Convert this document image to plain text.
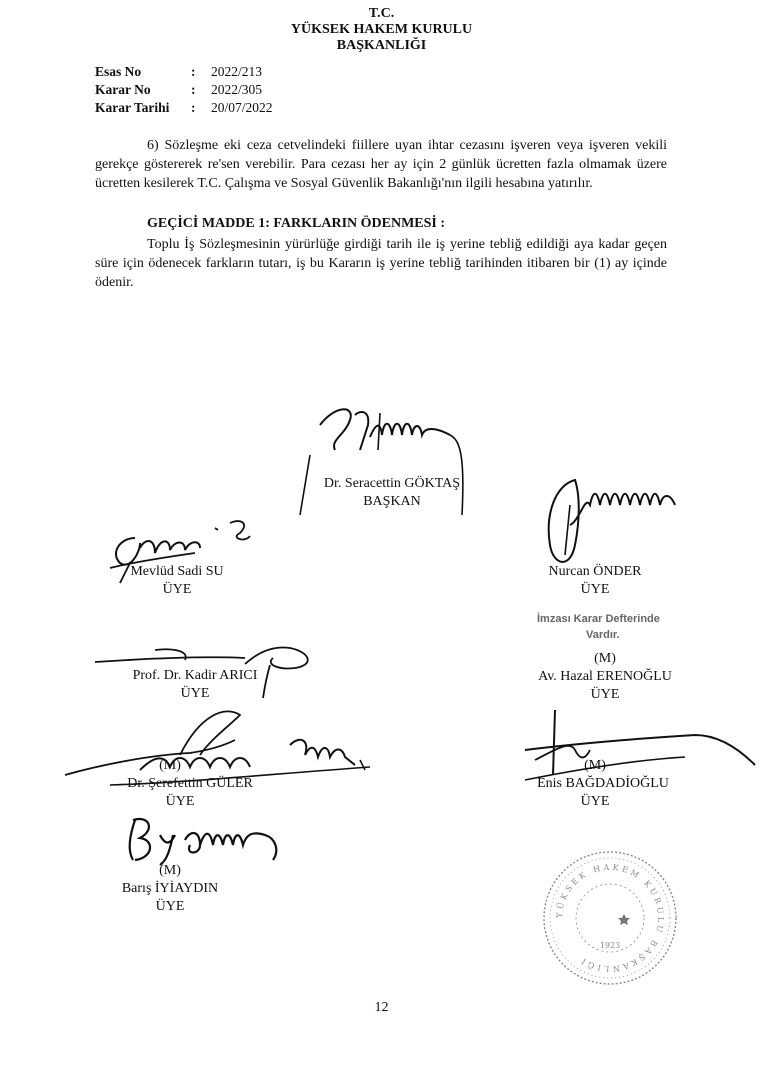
T.C.
YÜKSEK HAKEM KURULU
BAŞKANLIĞI
Esas No	:	2022/213
Karar No	:	2022/305
Karar Tarihi	:	20/07/2022
6) Sözleşme eki ceza cetvelindeki fiillere uyan ihtar cezasını işveren veya işveren vekili gerekçe göstererek re'sen verebilir. Para cezası her ay için 2 günlük ücretten fazla olmamak üzere ücretten kesilerek T.C. Çalışma ve Sosyal Güvenlik Bakanlığı'nın ilgili hesabına yatırılır.
GEÇİCİ MADDE 1: FARKLARIN ÖDENMESİ :
Toplu İş Sözleşmesinin yürürlüğe girdiği tarih ile iş yerine tebliğ edildiği aya kadar geçen süre için ödenecek farkların tutarı, iş bu Kararın iş yerine tebliğ tarihinden itibaren bir (1) ay içinde ödenir.
Dr. Seracettin GÖKTAŞ
BAŞKAN
Mevlüd Sadi SU
ÜYE
Nurcan ÖNDER
ÜYE
İmzası Karar Defterinde
Vardır.
Prof. Dr. Kadir ARICI
ÜYE
(M)
Av. Hazal ERENOĞLU
ÜYE
(M)
Dr. Şerefettin GÜLER
ÜYE
(M)
Enis BAĞDADİOĞLU
ÜYE
(M)
Barış İYİAYDIN
ÜYE	YÜKSEK HAKEM KURULU BAŞKANLIĞI
1923
12
